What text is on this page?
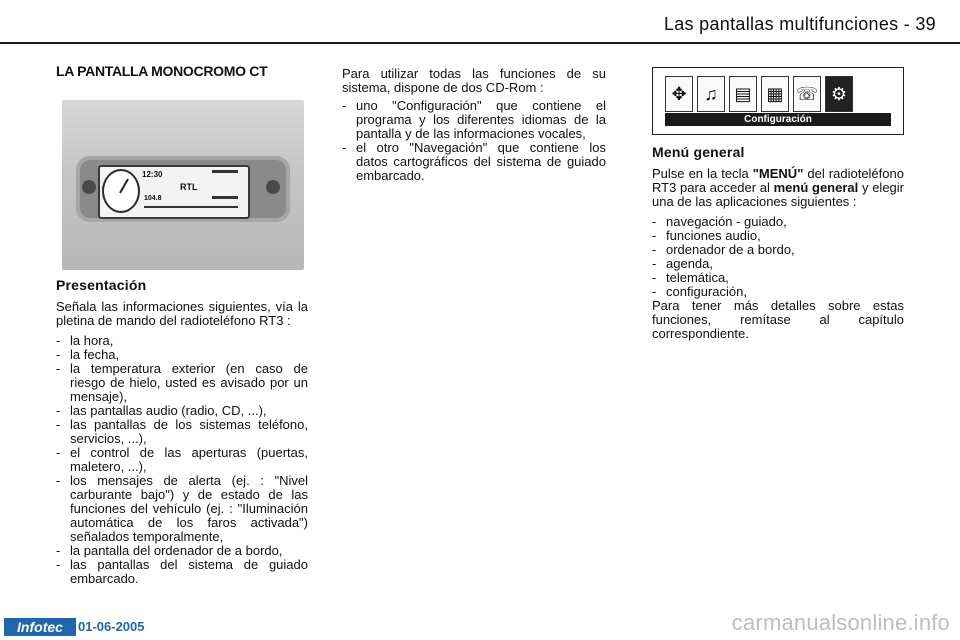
Las pantallas multifunciones - 39
LA PANTALLA MONOCROMO CT
12:30
RTL
104.8
Presentación

Señala las informaciones siguientes, vía la pletina de mando del radioteléfono RT3 :

- la hora,
- la fecha,
- la temperatura exterior (en caso de riesgo de hielo, usted es avisado por un mensaje),
- las pantallas audio (radio, CD, ...),
- las pantallas de los sistemas teléfono, servicios, ...),
- el control de las aperturas (puertas, maletero, ...),
- los mensajes de alerta (ej. : "Nivel carburante bajo") y de estado de las funciones del vehículo (ej. : "Iluminación automática de los faros activada") señalados temporalmente,
- la pantalla del ordenador de a bordo,
- las pantallas del sistema de guiado embarcado.

Para utilizar todas las funciones de su sistema, dispone de dos CD-Rom :

- uno "Configuración" que contiene el programa y los diferentes idiomas de la pantalla y de las informaciones vocales,
- el otro "Navegación" que contiene los datos cartográficos del sistema de guiado embarcado.
✥ ♫ ▤ ▦ ☏ ⚙
Configuración
Menú general

Pulse en la tecla "MENÚ" del radioteléfono RT3 para acceder al menú general y elegir una de las aplicaciones siguientes :

- navegación - guiado,
- funciones audio,
- ordenador de a bordo,
- agenda,
- telemática,
- configuración,

Para tener más detalles sobre estas funciones, remítase al capítulo correspondiente.

Infotec	01-06-2005	carmanualsonline.info
